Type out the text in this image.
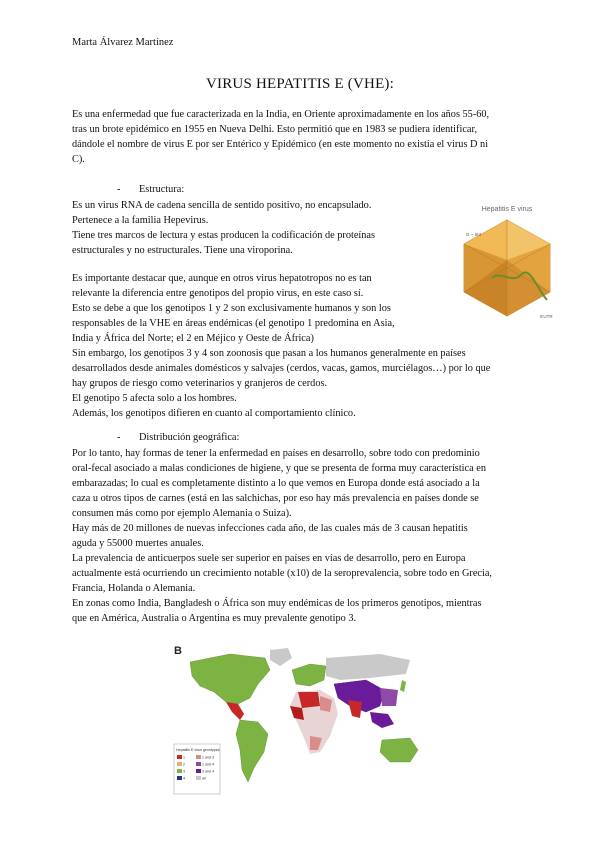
Marta Álvarez Martínez
VIRUS HEPATITIS E (VHE):

Es una enfermedad que fue caracterizada en la India, en Oriente aproximadamente en los años 55-60,

tras un brote epidémico en 1955 en Nueva Delhi. Esto permitió que en 1983 se pudiera identificar,

dándole el nombre de virus E por ser Entérico y Epidémico (en este momento no existía el virus D ni

C).

- Estructura:

Es un virus RNA de cadena sencilla de sentido positivo, no encapsulado.

Pertenece a la familia Hepevirus.

Tiene tres marcos de lectura y estas producen la codificación de proteínas

estructurales y no estructurales. Tiene una viroporina.

Es importante destacar que, aunque en otros virus hepatotropos no es tan

relevante la diferencia entre genotipos del propio virus, en este caso sí.

Esto se debe a que los genotipos 1 y 2 son exclusivamente humanos y son los

responsables de la VHE en áreas endémicas (el genotipo 1 predomina en Asia,

India y África del Norte; el 2 en Méjico y Oeste de África)

Sin embargo, los genotipos 3 y 4 son zoonosis que pasan a los humanos generalmente en países

desarrollados desde animales domésticos y salvajes (cerdos, vacas, gamos, murciélagos…) por lo que

hay grupos de riesgo como veterinarios y granjeros de cerdos.

El genotipo 5 afecta solo a los hombres.

Además, los genotipos difieren en cuanto al comportamiento clínico.

Hepatitis E virus
G ~ 5nt
5'UTR
- Distribución geográfica:

Por lo tanto, hay formas de tener la enfermedad en países en desarrollo, sobre todo con predominio

oral-fecal asociado a malas condiciones de higiene, y que se presenta de forma muy característica en

embarazadas; lo cual es completamente distinto a lo que vemos en Europa donde está asociado a la

caza u otros tipos de carnes (está en las salchichas, por eso hay más prevalencia en países donde se

consumen más como por ejemplo Alemania o Suiza).

Hay más de 20 millones de nuevas infecciones cada año, de las cuales más de 3 causan hepatitis

aguda y 55000 muertes anuales.

La prevalencia de anticuerpos suele ser superior en países en vías de desarrollo, pero en Europa

actualmente está ocurriendo un crecimiento notable (x10) de la seroprevalencia, sobre todo en Grecia,

Francia, Holanda o Alemania.

En zonas como India, Bangladesh o África son muy endémicas de los primeros genotipos, mientras

que en América, Australia o Argentina es muy prevalente genotipo 3.

B
Hepatitis E virus genotypes
1
2
3
4
1 and 3
1 and 4
3 and 4
all
